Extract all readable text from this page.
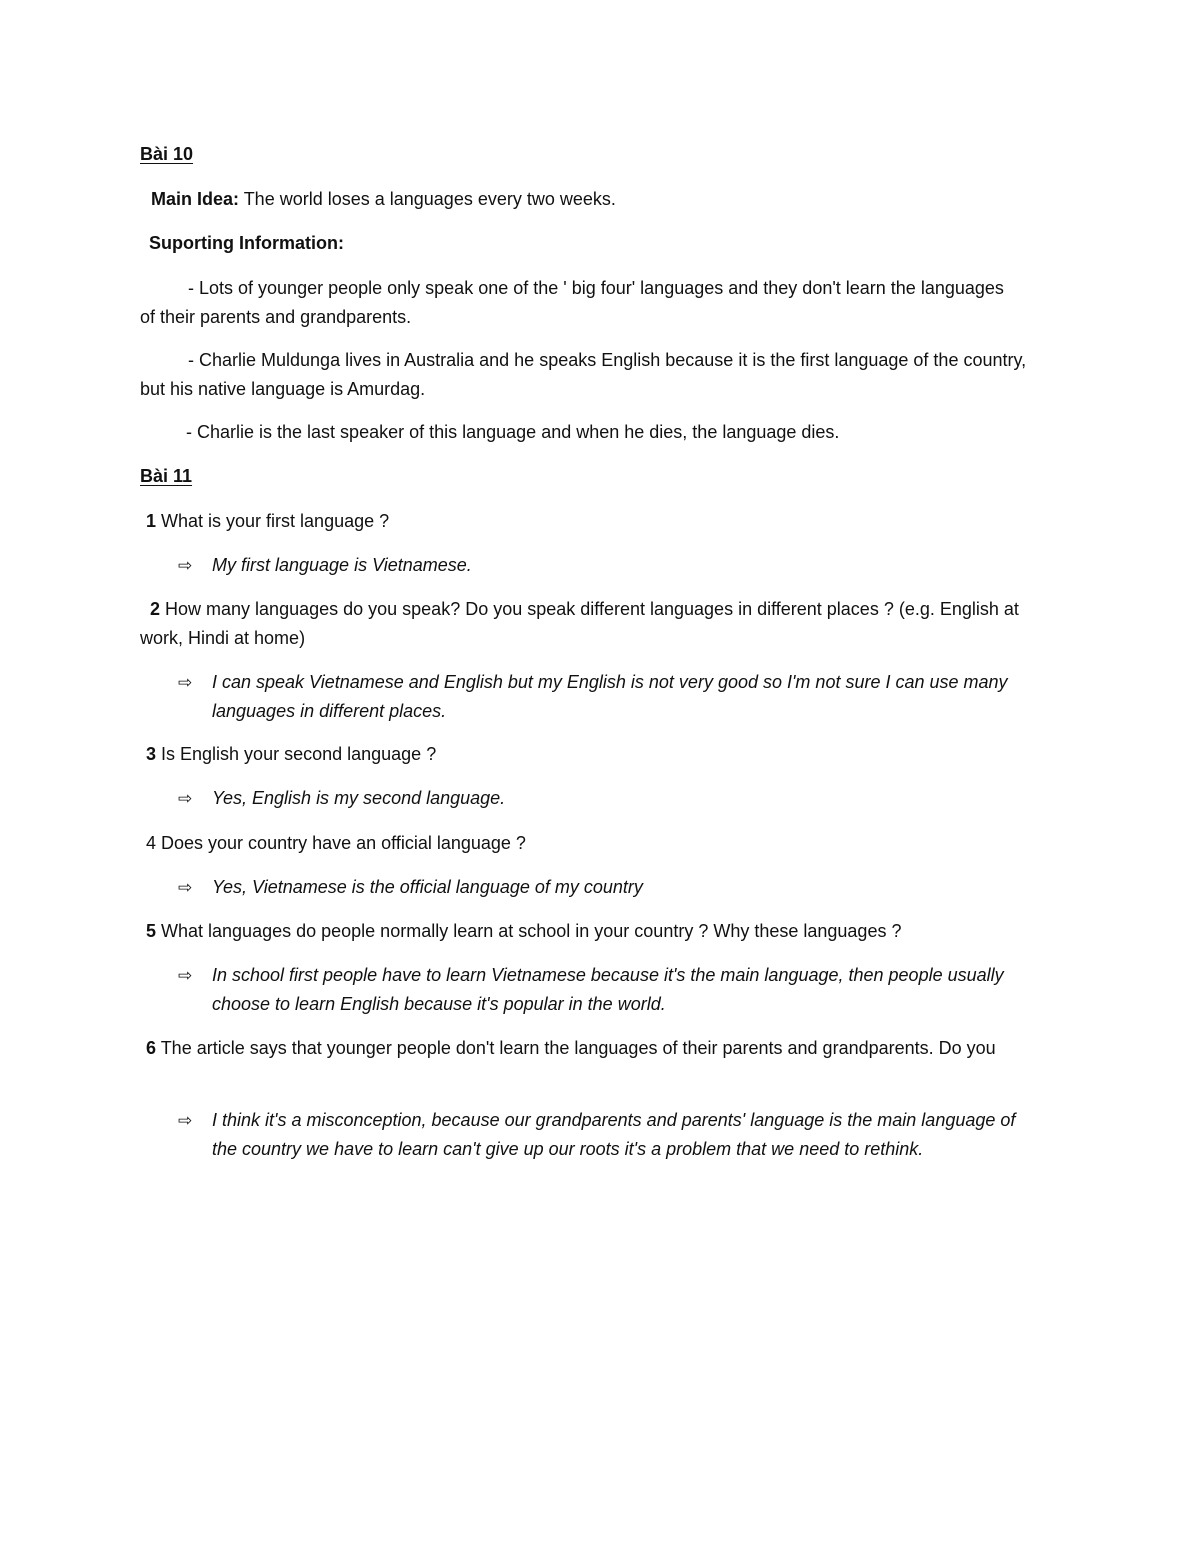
Bài 10
Main Idea: The world loses a languages every two weeks.
Suporting Information:
- Lots of younger people only speak one of the ' big four' languages and they don't learn the languages of their parents and grandparents.
- Charlie Muldunga lives in Australia and he speaks English because it is the first language of the country, but his native language is Amurdag.
- Charlie is the last speaker of this language and when he dies, the language dies.
Bài 11
1 What is your first language ?
⇨	My first language is Vietnamese.
2 How many languages do you speak? Do you speak different languages in different places ? (e.g. English at work, Hindi at home)
⇨	I can speak Vietnamese and English but my English is not very good so I'm not sure I can use many languages in different places.
3 Is English your second language ?
⇨	Yes, English is my second language.
4 Does your country have an official language ?
⇨	Yes, Vietnamese is the official language of my country
5 What languages do people normally learn at school in your country ? Why these languages ?
⇨	In school first people have to learn Vietnamese because it's the main language, then people usually choose to learn English because it's popular in the world.
6 The article says that younger people don't learn the languages of their parents and grandparents. Do you
⇨	I think it's a misconception, because our grandparents and parents' language is the main language of the country we have to learn can't give up our roots it's a problem that we need to rethink.
